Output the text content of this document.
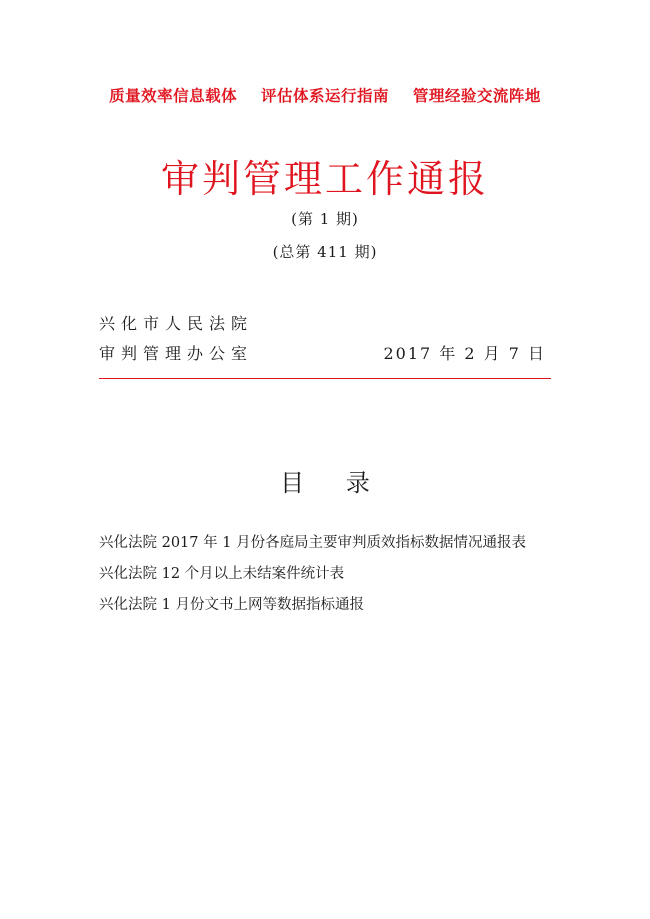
质量效率信息载体 评估体系运行指南 管理经验交流阵地
审判管理工作通报
(第 1 期)
(总第 411 期)
兴化市人民法院
审判管理办公室	2017 年 2 月 7 日
目 录
兴化法院 2017 年 1 月份各庭局主要审判质效指标数据情况通报表
兴化法院 12 个月以上未结案件统计表
兴化法院 1 月份文书上网等数据指标通报
